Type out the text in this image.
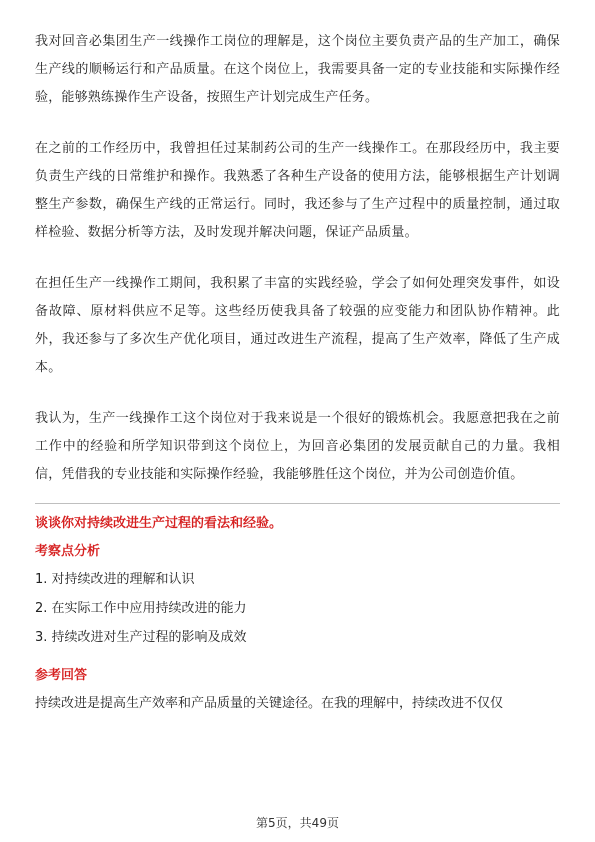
我对回音必集团生产一线操作工岗位的理解是，这个岗位主要负责产品的生产加工，确保生产线的顺畅运行和产品质量。在这个岗位上，我需要具备一定的专业技能和实际操作经验，能够熟练操作生产设备，按照生产计划完成生产任务。

在之前的工作经历中，我曾担任过某制药公司的生产一线操作工。在那段经历中，我主要负责生产线的日常维护和操作。我熟悉了各种生产设备的使用方法，能够根据生产计划调整生产参数，确保生产线的正常运行。同时，我还参与了生产过程中的质量控制，通过取样检验、数据分析等方法，及时发现并解决问题，保证产品质量。

在担任生产一线操作工期间，我积累了丰富的实践经验，学会了如何处理突发事件，如设备故障、原材料供应不足等。这些经历使我具备了较强的应变能力和团队协作精神。此外，我还参与了多次生产优化项目，通过改进生产流程，提高了生产效率，降低了生产成本。

我认为，生产一线操作工这个岗位对于我来说是一个很好的锻炼机会。我愿意把我在之前工作中的经验和所学知识带到这个岗位上，为回音必集团的发展贡献自己的力量。我相信，凭借我的专业技能和实际操作经验，我能够胜任这个岗位，并为公司创造价值。

谈谈你对持续改进生产过程的看法和经验。
考察点分析
1. 对持续改进的理解和认识
2. 在实际工作中应用持续改进的能力
3. 持续改进对生产过程的影响及成效
参考回答
持续改进是提高生产效率和产品质量的关键途径。在我的理解中，持续改进不仅仅
第5页，共49页
